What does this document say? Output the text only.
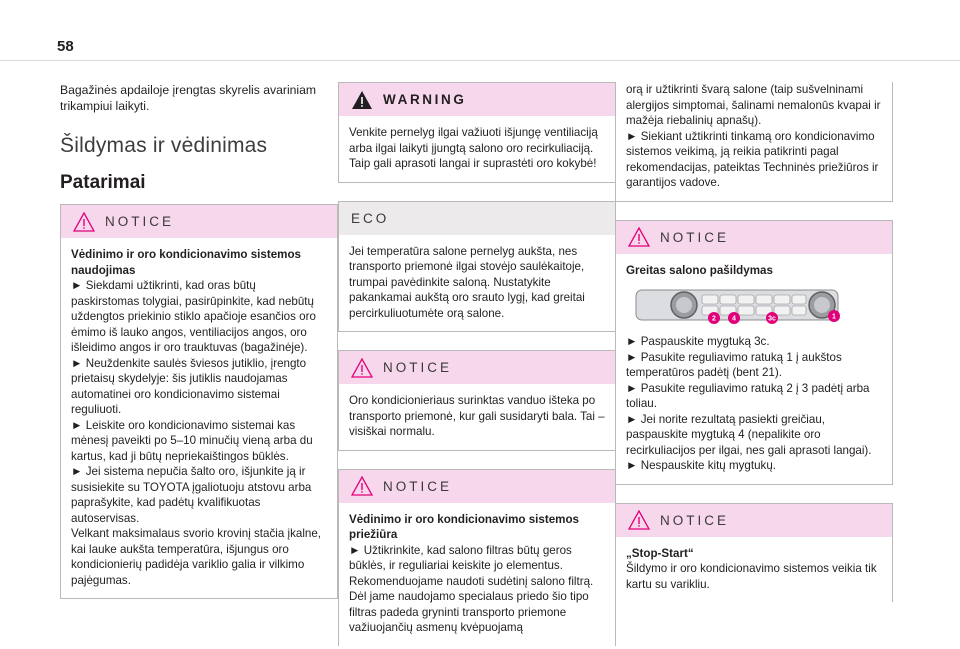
58

Bagažinės apdailoje įrengtas skyrelis avariniam trikampiui laikyti.

Šildymas ir vėdinimas
Patarimai
NOTICE

Vėdinimo ir oro kondicionavimo sistemos naudojimas

► Siekdami užtikrinti, kad oras būtų paskirstomas tolygiai, pasirūpinkite, kad nebūtų uždengtos priekinio stiklo apačioje esančios oro ėmimo iš lauko angos, ventiliacijos angos, oro išleidimo angos ir oro trauktuvas (bagažinėje).

► Neuždenkite saulės šviesos jutiklio, įrengto prietaisų skydelyje: šis jutiklis naudojamas automatinei oro kondicionavimo sistemai reguliuoti.

► Leiskite oro kondicionavimo sistemai kas mėnesį paveikti po 5–10 minučių vieną arba du kartus, kad ji būtų nepriekaištingos būklės.

► Jei sistema nepučia šalto oro, išjunkite ją ir susisiekite su TOYOTA įgaliotuoju atstovu arba paprašykite, kad padėtų kvalifikuotas autoservisas.

Velkant maksimalaus svorio krovinį stačia įkalne, kai lauke aukšta temperatūra, išjungus oro kondicionierių padidėja variklio galia ir vilkimo pajėgumas.

WARNING

Venkite pernelyg ilgai važiuoti išjungę ventiliaciją arba ilgai laikyti įjungtą salono oro recirkuliaciją. Taip gali aprasoti langai ir suprastėti oro kokybė!

ECO

Jei temperatūra salone pernelyg aukšta, nes transporto priemonė ilgai stovėjo saulėkaitoje, trumpai pavėdinkite saloną. Nustatykite pakankamai aukštą oro srauto lygį, kad greitai percirkuliuotumėte orą salone.

NOTICE

Oro kondicionieriaus surinktas vanduo išteka po transporto priemonė, kur gali susidaryti bala. Tai – visiškai normalu.

NOTICE

Vėdinimo ir oro kondicionavimo sistemos priežiūra

► Užtikrinkite, kad salono filtras būtų geros būklės, ir reguliariai keiskite jo elementus. Rekomenduojame naudoti sudėtinį salono filtrą. Dėl jame naudojamo specialaus priedo šio tipo filtras padeda gryninti transporto priemone važiuojančių asmenų kvėpuojamą

orą ir užtikrinti švarą salone (taip sušvelninami alergijos simptomai, šalinami nemalonūs kvapai ir mažėja riebalinių apnašų).

► Siekiant užtikrinti tinkamą oro kondicionavimo sistemos veikimą, ją reikia patikrinti pagal rekomendacijas, pateiktas Techninės priežiūros ir garantijos vadove.

NOTICE

Greitas salono pašildymas

2 4	3c	1

► Paspauskite mygtuką 3c.

► Pasukite reguliavimo ratuką 1 į aukštos temperatūros padėtį (bent 21).

► Pasukite reguliavimo ratuką 2 į 3 padėtį arba toliau.

► Jei norite rezultatą pasiekti greičiau, paspauskite mygtuką 4 (nepalikite oro recirkuliacijos per ilgai, nes gali aprasoti langai).

► Nespauskite kitų mygtukų.

NOTICE

„Stop-Start“

Šildymo ir oro kondicionavimo sistemos veikia tik kartu su varikliu.
